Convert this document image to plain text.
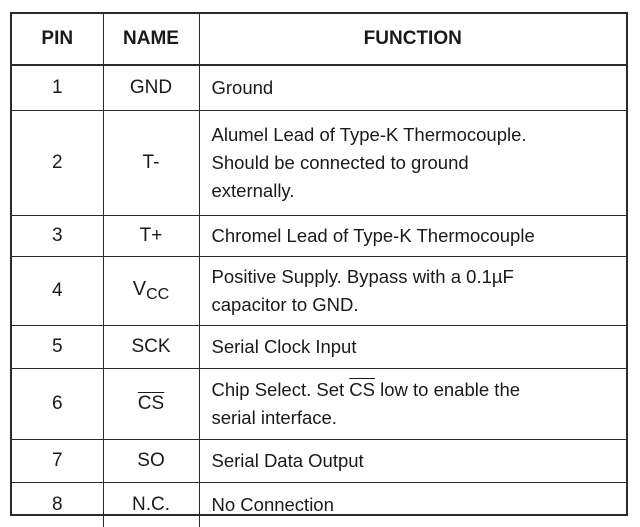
PIN	NAME	FUNCTION
1	GND	Ground
2	T-	Alumel Lead of Type-K Thermocouple.
Should be connected to ground
externally.

3	T+	Chromel Lead of Type-K Thermocouple
4	$V_{CC}$	Positive Supply. Bypass with a 0.1µF
capacitor to GND.

5	SCK	Serial Clock Input
6	$\overline{CS}$	Chip Select. Set $\overline{CS}$ low to enable the
serial interface.

7	SO	Serial Data Output
8	N.C.	No Connection
